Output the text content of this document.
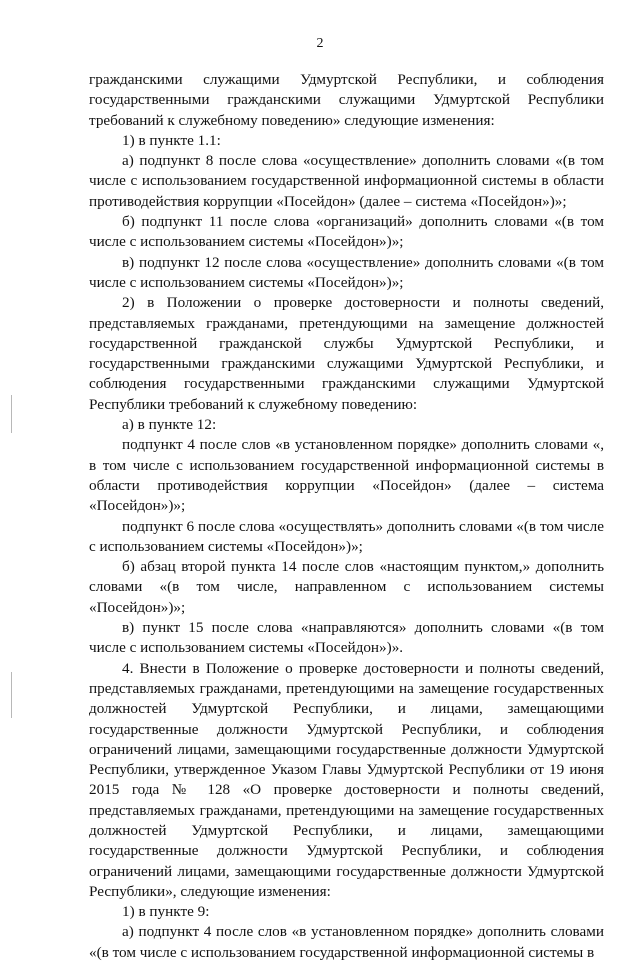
2

гражданскими служащими Удмуртской Республики, и соблюдения государственными гражданскими служащими Удмуртской Республики требований к служебному поведению» следующие изменения:

1) в пункте 1.1:

а) подпункт 8 после слова «осуществление» дополнить словами «(в том числе с использованием государственной информационной системы в области противодействия коррупции «Посейдон» (далее – система «Посейдон»)»;

б) подпункт 11 после слова «организаций» дополнить словами «(в том числе с использованием системы «Посейдон»)»;

в) подпункт 12 после слова «осуществление» дополнить словами «(в том числе с использованием системы «Посейдон»)»;

2) в Положении о проверке достоверности и полноты сведений, представляемых гражданами, претендующими на замещение должностей государственной гражданской службы Удмуртской Республики, и государственными гражданскими служащими Удмуртской Республики, и соблюдения государственными гражданскими служащими Удмуртской Республики требований к служебному поведению:

а) в пункте 12:

подпункт 4 после слов «в установленном порядке» дополнить словами «, в том числе с использованием государственной информационной системы в области противодействия коррупции «Посейдон» (далее – система «Посейдон»)»;

подпункт 6 после слова «осуществлять» дополнить словами «(в том числе с использованием системы «Посейдон»)»;

б) абзац второй пункта 14 после слов «настоящим пунктом,» дополнить словами «(в том числе, направленном с использованием системы «Посейдон»)»;

в) пункт 15 после слова «направляются» дополнить словами «(в том числе с использованием системы «Посейдон»)».

4. Внести в Положение о проверке достоверности и полноты сведений, представляемых гражданами, претендующими на замещение государственных должностей Удмуртской Республики, и лицами, замещающими государственные должности Удмуртской Республики, и соблюдения ограничений лицами, замещающими государственные должности Удмуртской Республики, утвержденное Указом Главы Удмуртской Республики от 19 июня 2015 года № 128 «О проверке достоверности и полноты сведений, представляемых гражданами, претендующими на замещение государственных должностей Удмуртской Республики, и лицами, замещающими государственные должности Удмуртской Республики, и соблюдения ограничений лицами, замещающими государственные должности Удмуртской Республики», следующие изменения:

1) в пункте 9:

а) подпункт 4 после слов «в установленном порядке» дополнить словами «(в том числе с использованием государственной информационной системы в
